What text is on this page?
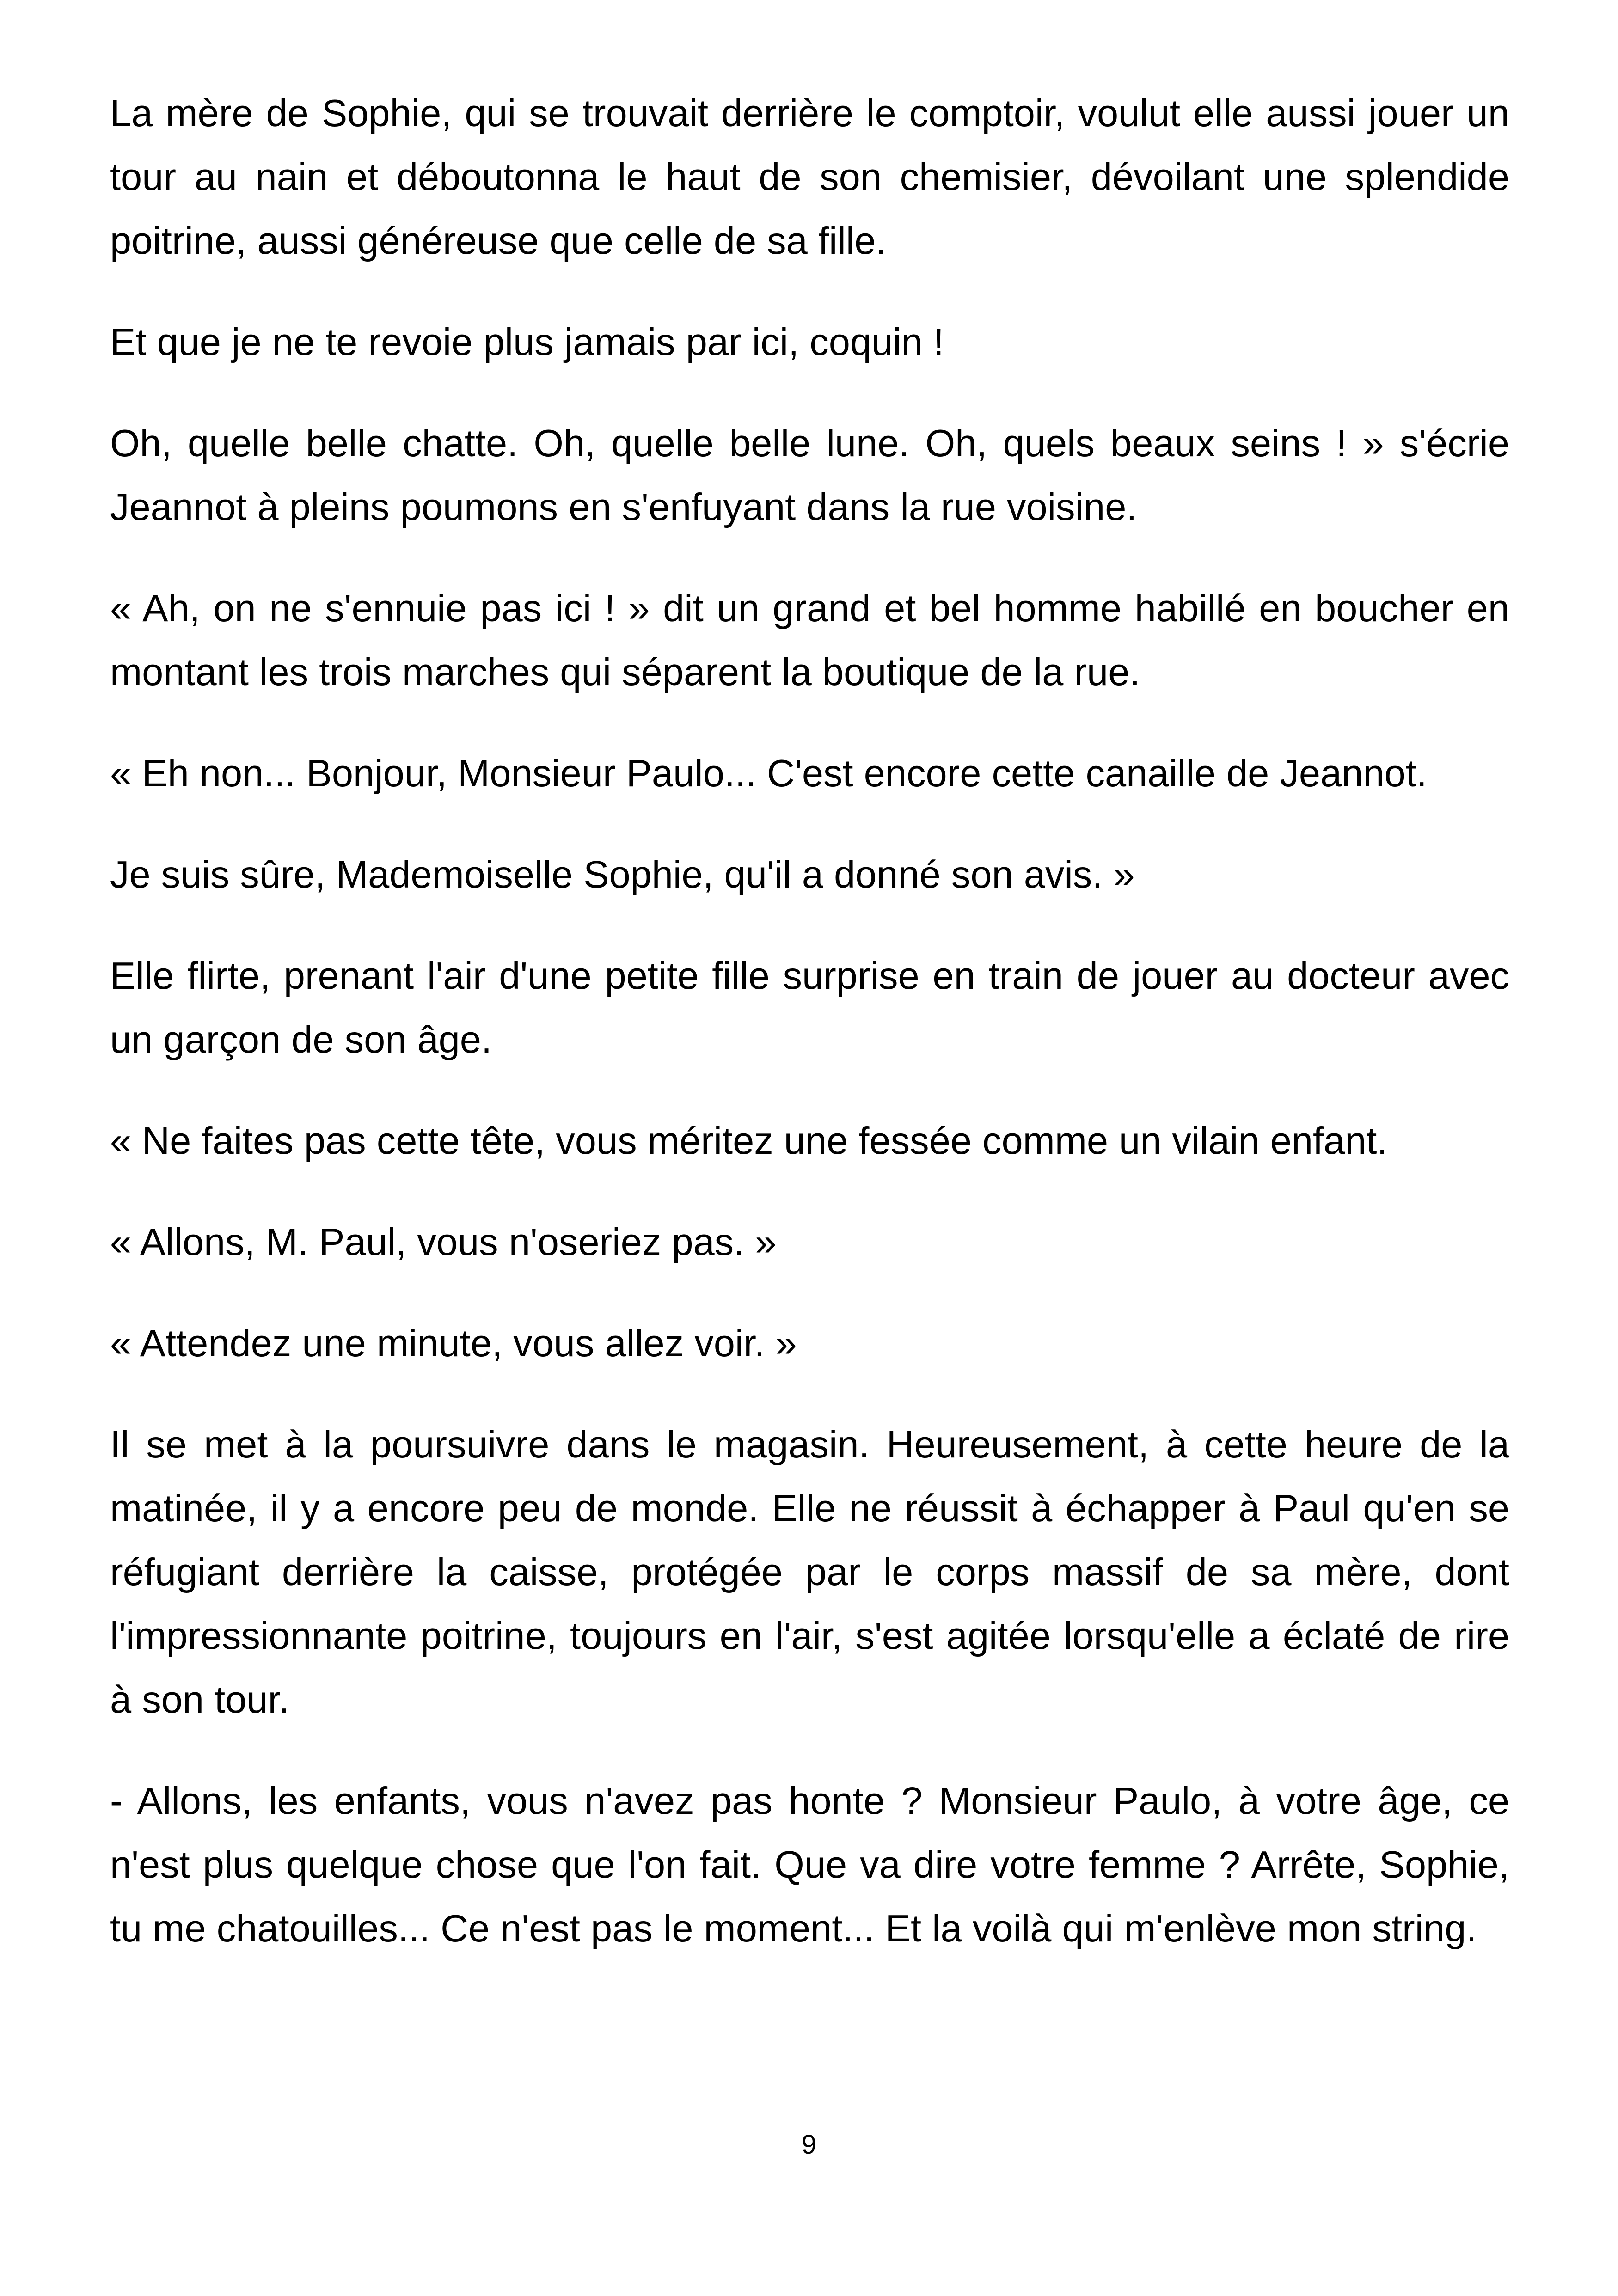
La mère de Sophie, qui se trouvait derrière le comptoir, voulut elle aussi jouer un tour au nain et déboutonna le haut de son chemisier, dévoilant une splendide poitrine, aussi généreuse que celle de sa fille.

Et que je ne te revoie plus jamais par ici, coquin !

Oh, quelle belle chatte. Oh, quelle belle lune. Oh, quels beaux seins ! » s'écrie Jeannot à pleins poumons en s'enfuyant dans la rue voisine.

« Ah, on ne s'ennuie pas ici ! » dit un grand et bel homme habillé en boucher en montant les trois marches qui séparent la boutique de la rue.

« Eh non... Bonjour, Monsieur Paulo... C'est encore cette canaille de Jeannot.

Je suis sûre, Mademoiselle Sophie, qu'il a donné son avis. »

Elle flirte, prenant l'air d'une petite fille surprise en train de jouer au docteur avec un garçon de son âge.

« Ne faites pas cette tête, vous méritez une fessée comme un vilain enfant.

« Allons, M. Paul, vous n'oseriez pas. »

« Attendez une minute, vous allez voir. »

Il se met à la poursuivre dans le magasin. Heureusement, à cette heure de la matinée, il y a encore peu de monde. Elle ne réussit à échapper à Paul qu'en se réfugiant derrière la caisse, protégée par le corps massif de sa mère, dont l'impressionnante poitrine, toujours en l'air, s'est agitée lorsqu'elle a éclaté de rire à son tour.

- Allons, les enfants, vous n'avez pas honte ? Monsieur Paulo, à votre âge, ce n'est plus quelque chose que l'on fait. Que va dire votre femme ? Arrête, Sophie, tu me chatouilles... Ce n'est pas le moment... Et la voilà qui m'enlève mon string.

9
